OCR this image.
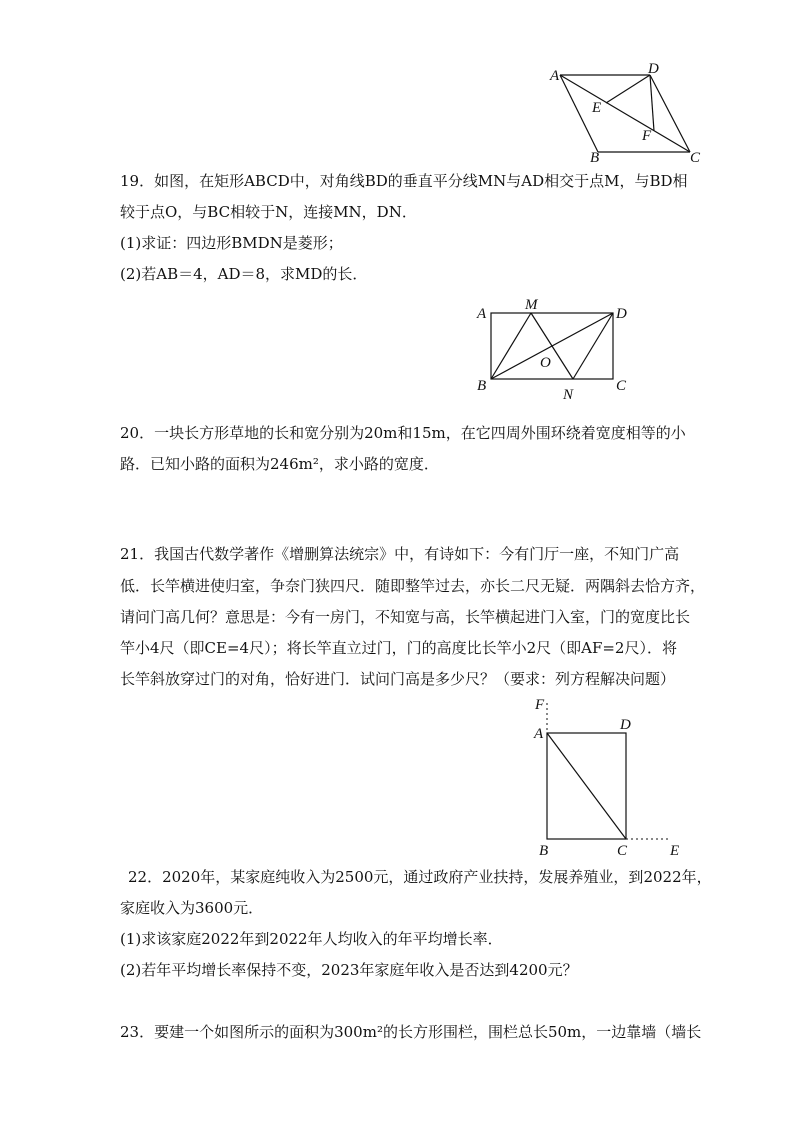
A	D
E
F
B	C
19．如图，在矩形ABCD中，对角线BD的垂直平分线MN与AD相交于点M，与BD相
较于点O，与BC相较于N，连接MN，DN．
(1)求证：四边形BMDN是菱形；
(2)若AB＝4，AD＝8，求MD的长．
A
M
D
O
B
N
C
20．一块长方形草地的长和宽分别为20m和15m，在它四周外围环绕着宽度相等的小
路．已知小路的面积为246m²，求小路的宽度．
21．我国古代数学著作《增删算法统宗》中，有诗如下：今有门厅一座，不知门广高
低．长竿横进使归室，争奈门狭四尺．随即整竿过去，亦长二尺无疑．两隅斜去恰方齐，
请问门高几何？意思是：今有一房门，不知宽与高，长竿横起进门入室，门的宽度比长
竿小4尺（即CE=4尺）；将长竿直立过门，门的高度比长竿小2尺（即AF=2尺）．将
长竿斜放穿过门的对角，恰好进门．试问门高是多少尺？（要求：列方程解决问题）
F
A
D
B	C	E
22．2020年，某家庭纯收入为2500元，通过政府产业扶持，发展养殖业，到2022年，
家庭收入为3600元．
(1)求该家庭2022年到2022年人均收入的年平均增长率．
(2)若年平均增长率保持不变，2023年家庭年收入是否达到4200元？
23．要建一个如图所示的面积为300m²的长方形围栏，围栏总长50m，一边靠墙（墙长
